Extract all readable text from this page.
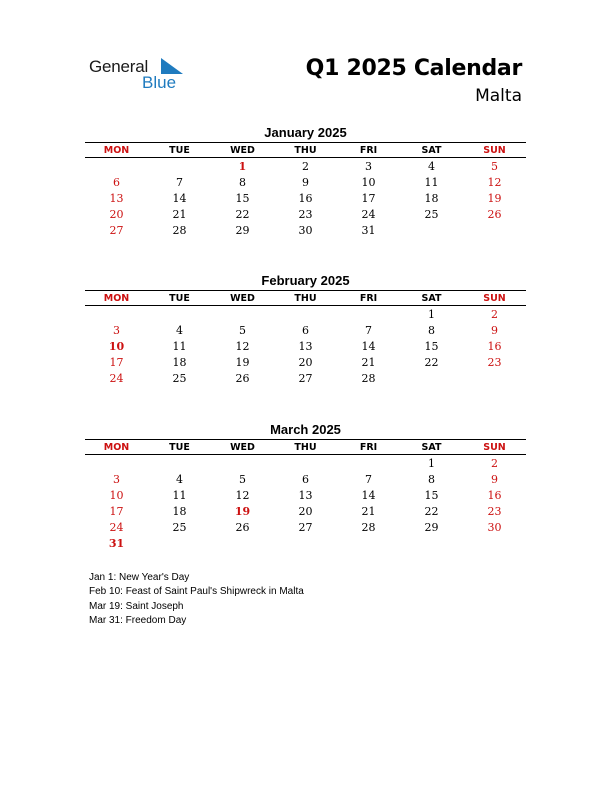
General
Blue
Q1 2025 Calendar
Malta
January 2025
MON	TUE	WED	THU	FRI	SAT	SUN
		1	2	3	4	5
6	7	8	9	10	11	12
13	14	15	16	17	18	19
20	21	22	23	24	25	26
27	28	29	30	31		
February 2025
MON	TUE	WED	THU	FRI	SAT	SUN
					1	2
3	4	5	6	7	8	9
10	11	12	13	14	15	16
17	18	19	20	21	22	23
24	25	26	27	28		
March 2025
MON	TUE	WED	THU	FRI	SAT	SUN
					1	2
3	4	5	6	7	8	9
10	11	12	13	14	15	16
17	18	19	20	21	22	23
24	25	26	27	28	29	30
31						
Jan 1: New Year's Day
Feb 10: Feast of Saint Paul's Shipwreck in Malta
Mar 19: Saint Joseph
Mar 31: Freedom Day
